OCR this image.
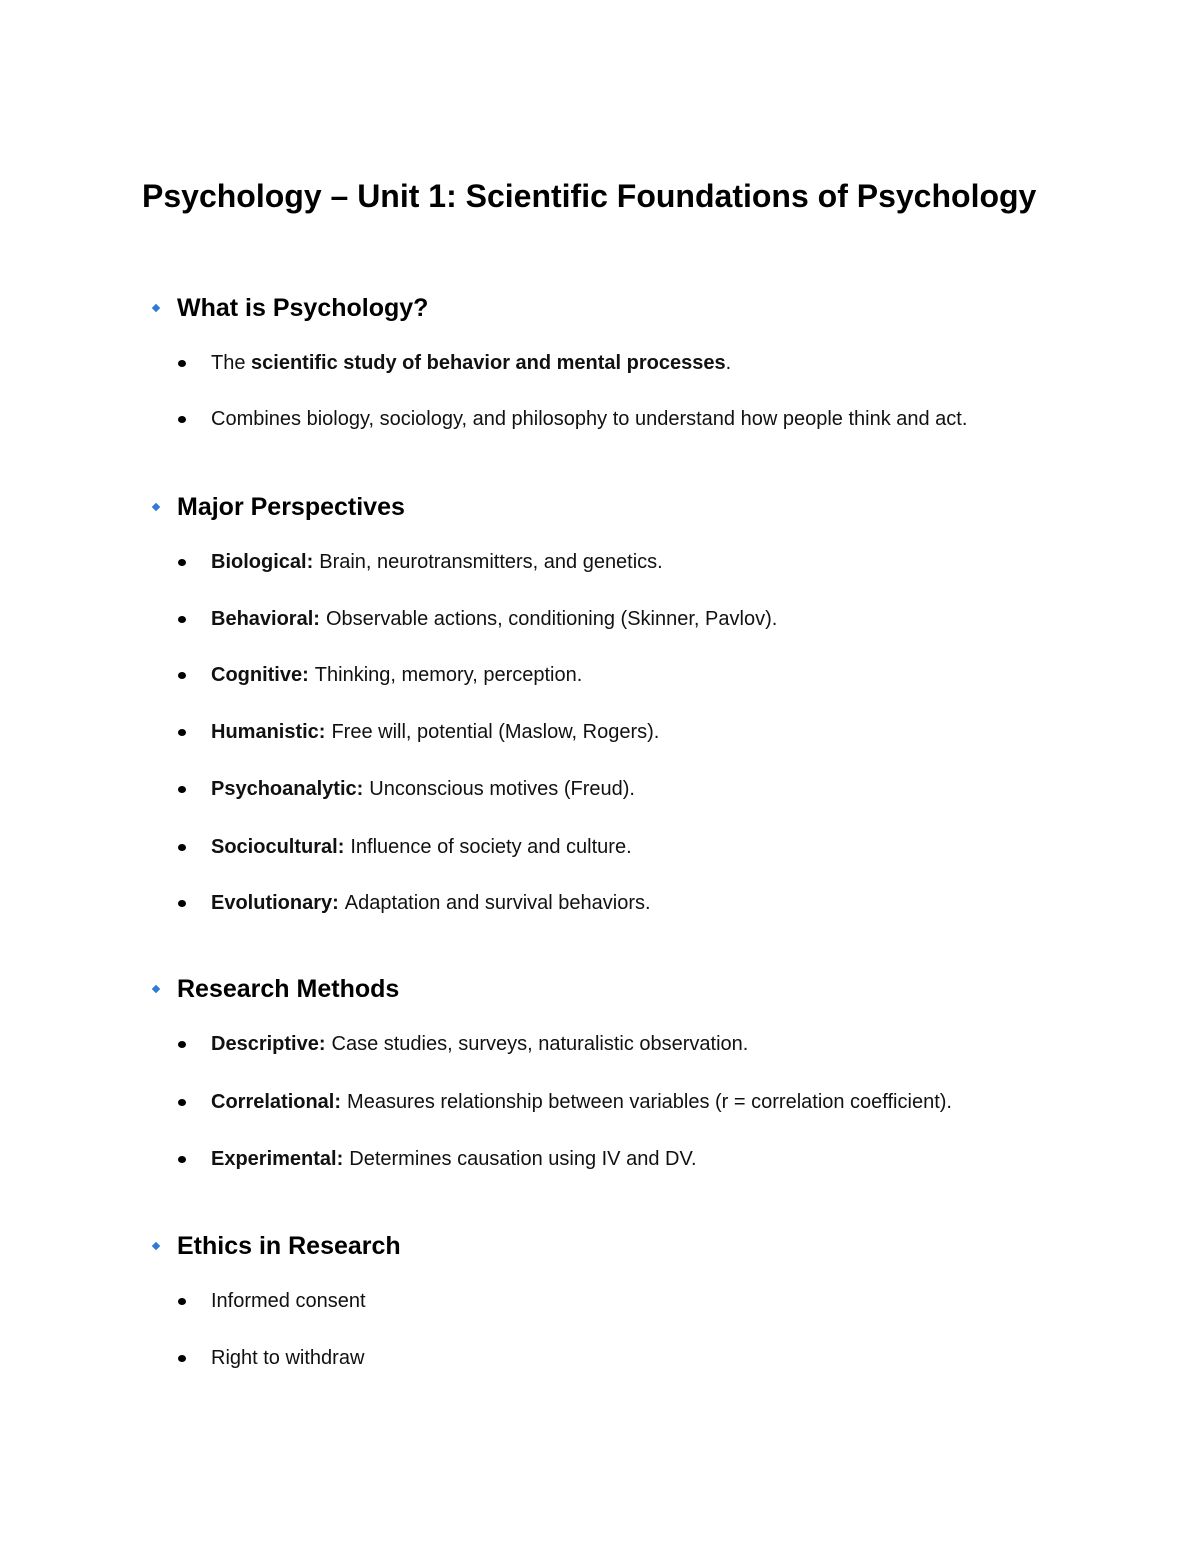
Psychology – Unit 1: Scientific Foundations of Psychology
What is Psychology?
The scientific study of behavior and mental processes .
Combines biology, sociology, and philosophy to understand how people think and act.
Major Perspectives
Biological: Brain, neurotransmitters, and genetics.
Behavioral: Observable actions, conditioning (Skinner, Pavlov).
Cognitive: Thinking, memory, perception.
Humanistic: Free will, potential (Maslow, Rogers).
Psychoanalytic: Unconscious motives (Freud).
Sociocultural: Influence of society and culture.
Evolutionary: Adaptation and survival behaviors.
Research Methods
Descriptive: Case studies, surveys, naturalistic observation.
Correlational: Measures relationship between variables (r = correlation coefficient).
Experimental: Determines causation using IV and DV.
Ethics in Research
Informed consent
Right to withdraw
